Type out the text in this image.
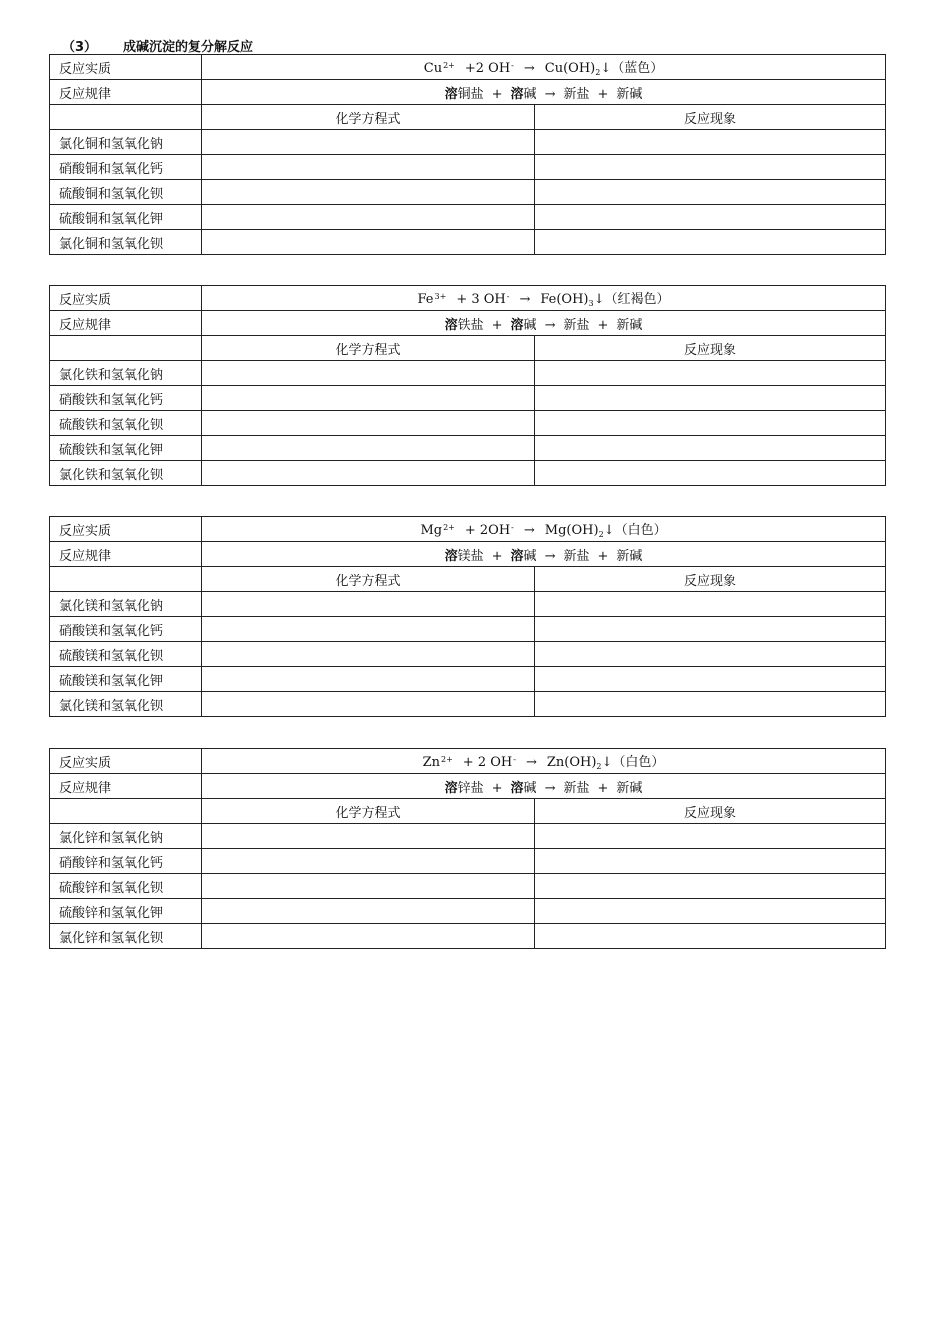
（3） 成碱沉淀的复分解反应
反应实质	$Cu^{2+} +2$ $OH^- \to Cu(OH)_2↓$（蓝色）	
反应规律	溶铜盐 + 溶碱 → 新盐 + 新碱	
	化学方程式	反应现象
氯化铜和氢氧化钠		
硝酸铜和氢氧化钙		
硫酸铜和氢氧化钡		
硫酸铜和氢氧化钾		
氯化铜和氢氧化钡		
反应实质	$Fe^{3+} + 3$ $OH^- \to Fe(OH)_3↓$（红褐色）	
反应规律	溶铁盐 + 溶碱 → 新盐 + 新碱	
	化学方程式	反应现象
氯化铁和氢氧化钠		
硝酸铁和氢氧化钙		
硫酸铁和氢氧化钡		
硫酸铁和氢氧化钾		
氯化铁和氢氧化钡		
反应实质	$Mg^{2+} + 2OH^-$ → $Mg(OH)_2↓$（白色）	
反应规律	溶镁盐 + 溶碱 → 新盐 + 新碱	
	化学方程式	反应现象
氯化镁和氢氧化钠		
硝酸镁和氢氧化钙		
硫酸镁和氢氧化钡		
硫酸镁和氢氧化钾		
氯化镁和氢氧化钡		
反应实质	$Zn^{2+} + 2$ $OH^- \to Zn(OH)_2↓$（白色）	
反应规律	溶锌盐 + 溶碱 → 新盐 + 新碱	
	化学方程式	反应现象
氯化锌和氢氧化钠		
硝酸锌和氢氧化钙		
硫酸锌和氢氧化钡		
硫酸锌和氢氧化钾		
氯化锌和氢氧化钡		
